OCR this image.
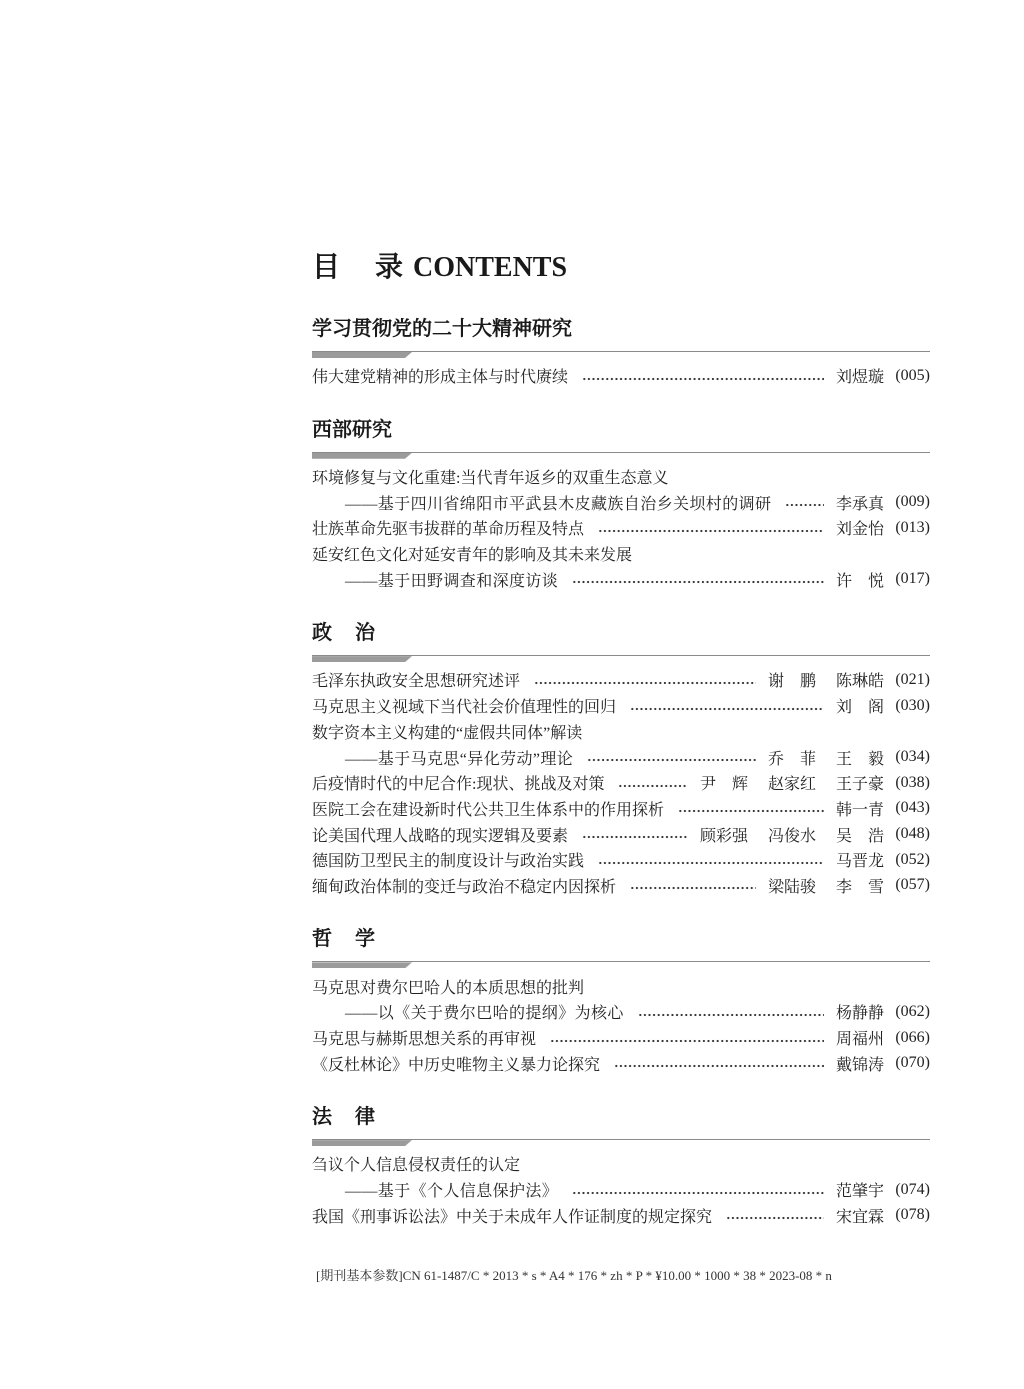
目 录 CONTENTS
学习贯彻党的二十大精神研究
伟大建党精神的形成主体与时代赓续	刘煜璇 (005)
西部研究
环境修复与文化重建:当代青年返乡的双重生态意义
——基于四川省绵阳市平武县木皮藏族自治乡关坝村的调研	李承真 (009)
壮族革命先驱韦拔群的革命历程及特点	刘金怡 (013)
延安红色文化对延安青年的影响及其未来发展
——基于田野调查和深度访谈	许 悦 (017)
政 治
毛泽东执政安全思想研究述评	谢 鹏 陈琳皓 (021)
马克思主义视域下当代社会价值理性的回归	刘 阁 (030)
数字资本主义构建的“虚假共同体”解读
——基于马克思“异化劳动”理论	乔 菲 王 毅 (034)
后疫情时代的中尼合作:现状、挑战及对策	尹 辉 赵家红 王子豪 (038)
医院工会在建设新时代公共卫生体系中的作用探析	韩一青 (043)
论美国代理人战略的现实逻辑及要素	顾彩强 冯俊水 吴 浩 (048)
德国防卫型民主的制度设计与政治实践	马晋龙 (052)
缅甸政治体制的变迁与政治不稳定内因探析	梁陆骏 李 雪 (057)
哲 学
马克思对费尔巴哈人的本质思想的批判
——以《关于费尔巴哈的提纲》为核心	杨静静 (062)
马克思与赫斯思想关系的再审视	周福州 (066)
《反杜林论》中历史唯物主义暴力论探究	戴锦涛 (070)
法 律
刍议个人信息侵权责任的认定
——基于《个人信息保护法》	范肇宇 (074)
我国《刑事诉讼法》中关于未成年人作证制度的规定探究	宋宜霖 (078)
[期刊基本参数]CN 61-1487/C * 2013 * s * A4 * 176 * zh * P * ¥10.00 * 1000 * 38 * 2023-08 * n
